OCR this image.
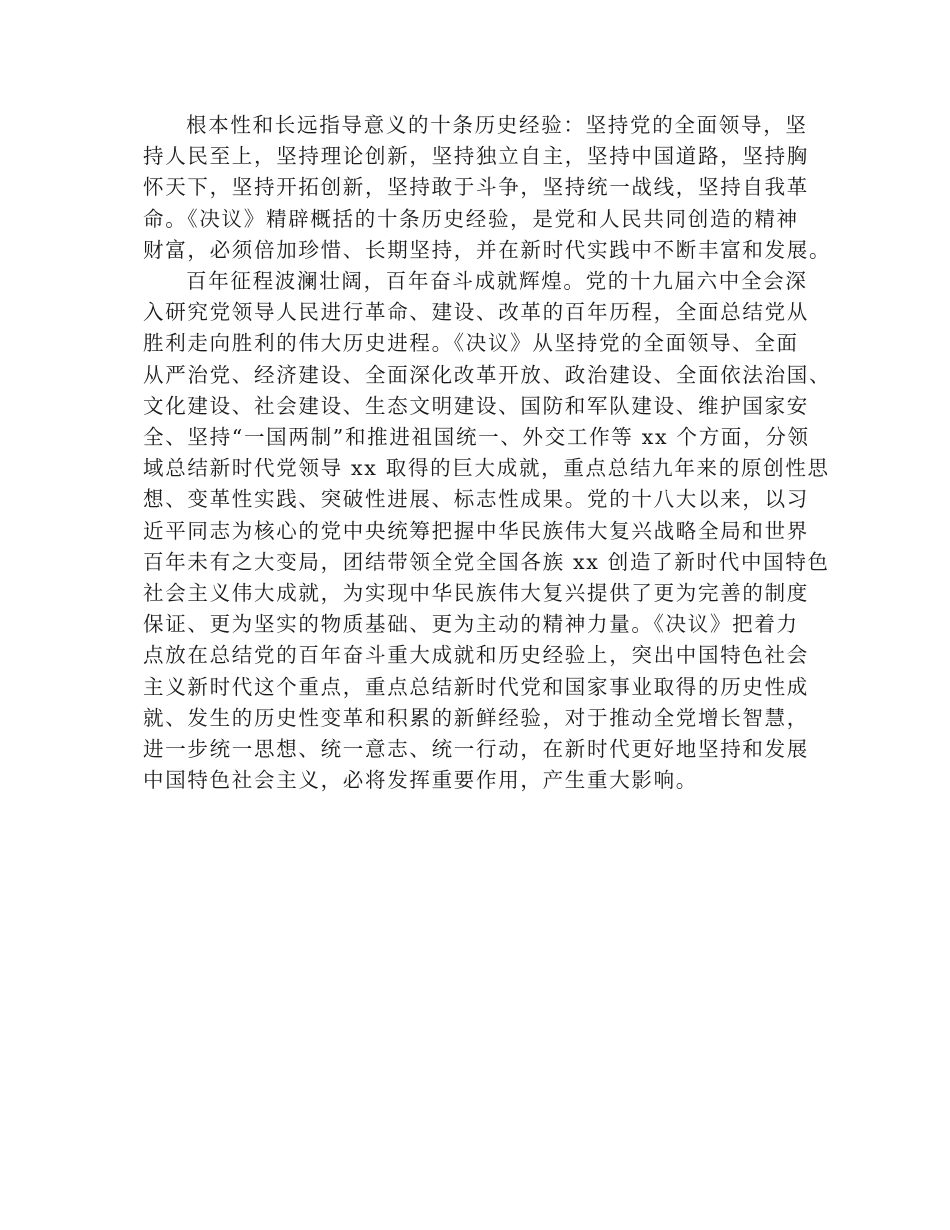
根本性和长远指导意义的十条历史经验：坚持党的全面领导，坚
持人民至上，坚持理论创新，坚持独立自主，坚持中国道路，坚持胸
怀天下，坚持开拓创新，坚持敢于斗争，坚持统一战线，坚持自我革
命。《决议》精辟概括的十条历史经验，是党和人民共同创造的精神
财富，必须倍加珍惜、长期坚持，并在新时代实践中不断丰富和发展。

百年征程波澜壮阔，百年奋斗成就辉煌。党的十九届六中全会深
入研究党领导人民进行革命、建设、改革的百年历程，全面总结党从
胜利走向胜利的伟大历史进程。《决议》从坚持党的全面领导、全面
从严治党、经济建设、全面深化改革开放、政治建设、全面依法治国、
文化建设、社会建设、生态文明建设、国防和军队建设、维护国家安
全、坚持“一国两制”和推进祖国统一、外交工作等 xx 个方面，分领
域总结新时代党领导 xx 取得的巨大成就，重点总结九年来的原创性思
想、变革性实践、突破性进展、标志性成果。党的十八大以来，以习
近平同志为核心的党中央统筹把握中华民族伟大复兴战略全局和世界
百年未有之大变局，团结带领全党全国各族 xx 创造了新时代中国特色
社会主义伟大成就，为实现中华民族伟大复兴提供了更为完善的制度
保证、更为坚实的物质基础、更为主动的精神力量。《决议》把着力
点放在总结党的百年奋斗重大成就和历史经验上，突出中国特色社会
主义新时代这个重点，重点总结新时代党和国家事业取得的历史性成
就、发生的历史性变革和积累的新鲜经验，对于推动全党增长智慧，
进一步统一思想、统一意志、统一行动，在新时代更好地坚持和发展
中国特色社会主义，必将发挥重要作用，产生重大影响。
